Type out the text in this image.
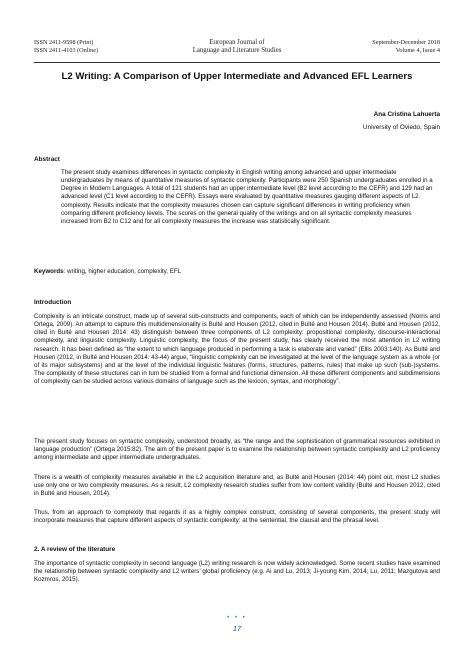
ISSN 2411-9598 (Print)
ISSN 2411-4103 (Online)
European Journal of
Language and Literature Studies
September-December 2018
Volume 4, Issue 4
L2 Writing: A Comparison of Upper Intermediate and Advanced EFL Learners
Ana Cristina Lahuerta
University of Oviedo, Spain
Abstract
The present study examines differences in syntactic complexity in English writing among advanced and upper intermediate undergraduates by means of quantitative measures of syntactic complexity. Participants were 250 Spanish undergraduates enrolled in a Degree in Modern Languages. A total of 121 students had an upper intermediate level (B2 level according to the CEFR) and 129 had an advanced level (C1 level according to the CEFR). Essays were evaluated by quantitative measures gauging different aspects of L2 complexity. Results indicate that the complexity measures chosen can capture significant differences in writing proficiency when comparing different proficiency levels. The scores on the general quality of the writings and on all syntactic complexity measures increased from B2 to C12 and for all complexity measures the increase was statistically significant.
Keywords: writing, higher education, complexity, EFL
Introduction
Complexity is an intricate construct, made up of several sub-constructs and components, each of which can be independently assessed (Norris and Ortega, 2009). An attempt to capture this multidimensionality is Bulté and Housen (2012, cited in Bulté and Housen 2014). Bulté and Housen (2012, cited in Bulté and Housen 2014: 43) distinguish between three components of L2 complexity: propositional complexity, discourse-interactional complexity, and linguistic complexity. Linguistic complexity, the focus of the present study, has clearly received the most attention in L2 writing research. It has been defined as “the extent to which language produced in performing a task is elaborate and varied” (Ellis 2003:140). As Bulté and Housen (2012, in Bulté and Housen 2014: 43-44) argue, “linguistic complexity can be investigated at the level of the language system as a whole (or of its major subsystems) and at the level of the individual linguistic features (forms, structures, patterns, rules) that make up such (sub-)systems. The complexity of these structures can in turn be studied from a formal and functional dimension. All these different components and subdimensions of complexity can be studied across various domains of language such as the lexicon, syntax, and morphology”.
The present study focuses on syntactic complexity, understood broadly, as “the range and the sophistication of grammatical resources exhibited in language production” (Ortega 2015:82). The aim of the present paper is to examine the relationship between syntactic complexity and L2 proficiency among intermediate and upper intermediate undergraduates.
There is a wealth of complexity measures available in the L2 acquisition literature and, as Bulté and Housen (2014: 44) point out, most L2 studies use only one or two complexity measures. As a result, L2 complexity research studies suffer from low content validity (Bulté and Housen 2012, cited in Bulté and Housen, 2014).
Thus, from an approach to complexity that regards it as a highly complex construct, consisting of several components, the present study will incorporate measures that capture different aspects of syntactic complexity: at the sentential, the clausal and the phrasal level.
2. A review of the literature
The importance of syntactic complexity in second language (L2) writing research is now widely acknowledged. Some recent studies have examined the relationship between syntactic complexity and L2 writers’ global proficiency (e.g. Ai and Lu, 2013; Ji-young Kim, 2014; Lu, 2011; Mazgutova and Kozmros, 2015).
• • •
17
